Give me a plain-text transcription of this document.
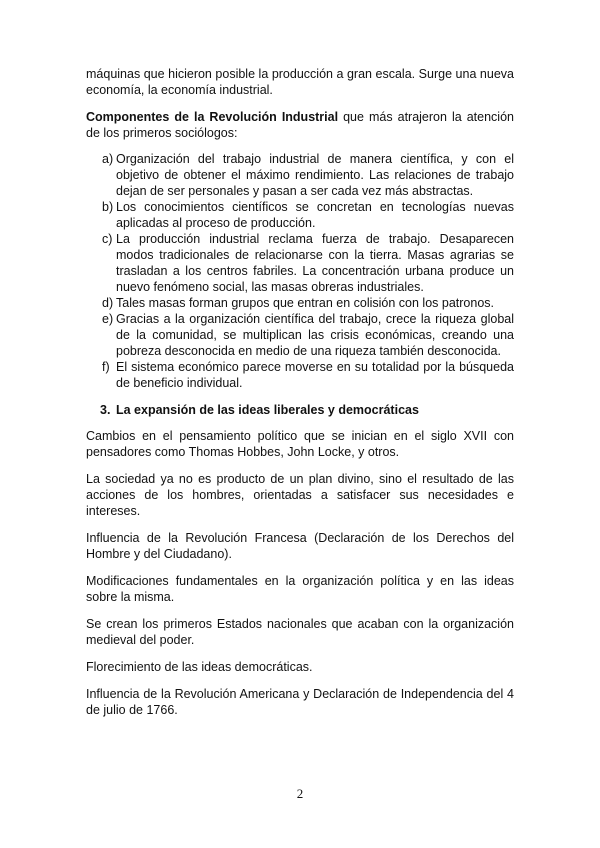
máquinas que hicieron posible la producción a gran escala. Surge una nueva economía, la economía industrial.

Componentes de la Revolución Industrial que más atrajeron la atención de los primeros sociólogos:

a) Organización del trabajo industrial de manera científica, y con el objetivo de obtener el máximo rendimiento. Las relaciones de trabajo dejan de ser personales y pasan a ser cada vez más abstractas.
b) Los conocimientos científicos se concretan en tecnologías nuevas aplicadas al proceso de producción.
c) La producción industrial reclama fuerza de trabajo. Desaparecen modos tradicionales de relacionarse con la tierra. Masas agrarias se trasladan a los centros fabriles. La concentración urbana produce un nuevo fenómeno social, las masas obreras industriales.
d) Tales masas forman grupos que entran en colisión con los patronos.
e) Gracias a la organización científica del trabajo, crece la riqueza global de la comunidad, se multiplican las crisis económicas, creando una pobreza desconocida en medio de una riqueza también desconocida.
f) El sistema económico parece moverse en su totalidad por la búsqueda de beneficio individual.
3. La expansión de las ideas liberales y democráticas

Cambios en el pensamiento político que se inician en el siglo XVII con pensadores como Thomas Hobbes, John Locke, y otros.

La sociedad ya no es producto de un plan divino, sino el resultado de las acciones de los hombres, orientadas a satisfacer sus necesidades e intereses.

Influencia de la Revolución Francesa (Declaración de los Derechos del Hombre y del Ciudadano).

Modificaciones fundamentales en la organización política y en las ideas sobre la misma.

Se crean los primeros Estados nacionales que acaban con la organización medieval del poder.

Florecimiento de las ideas democráticas.

Influencia de la Revolución Americana y Declaración de Independencia del 4 de julio de 1766.

2
